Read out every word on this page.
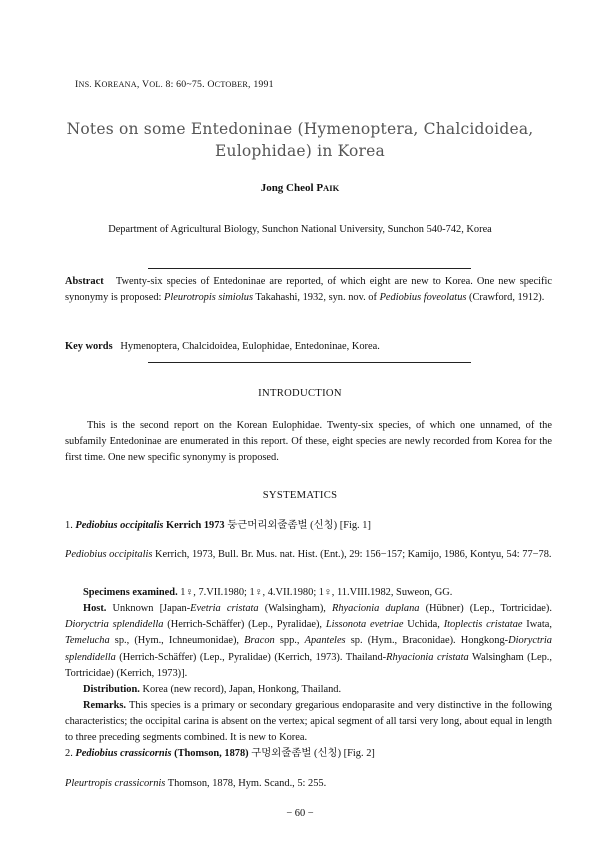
INS. KOREANA, VOL. 8: 60~75. OCTOBER, 1991
Notes on some Entedoninae (Hymenoptera, Chalcidoidea,
Eulophidae) in Korea
Jong Cheol PAIK
Department of Agricultural Biology, Sunchon National University, Sunchon 540-742, Korea
Abstract Twenty-six species of Entedoninae are reported, of which eight are new to Korea. One new specific synonymy is proposed: Pleurotropis simiolus Takahashi, 1932, syn. nov. of Pediobius foveolatus (Crawford, 1912).
Key words Hymenoptera, Chalcidoidea, Eulophidae, Entedoninae, Korea.
INTRODUCTION
This is the second report on the Korean Eulophidae. Twenty-six species, of which one unnamed, of the subfamily Entedoninae are enumerated in this report. Of these, eight species are newly recorded from Korea for the first time. One new specific synonymy is proposed.
SYSTEMATICS
1. Pediobius occipitalis Kerrich 1973 둥근머리외줄좀벌 (신칭) [Fig. 1]
Pediobius occipitalis Kerrich, 1973, Bull. Br. Mus. nat. Hist. (Ent.), 29: 156−157; Kamijo, 1986, Kontyu, 54: 77−78.
Specimens examined. 1♀, 7.VII.1980; 1♀, 4.VII.1980; 1♀, 11.VIII.1982, Suweon, GG.
Host. Unknown [Japan-Evetria cristata (Walsingham), Rhyacionia duplana (Hübner) (Lep., Tortricidae). Dioryctria splendidella (Herrich-Schäffer) (Lep., Pyralidae), Lissonota evetriae Uchida, Itoplectis cristatae Iwata, Temelucha sp., (Hym., Ichneumonidae), Bracon spp., Apanteles sp. (Hym., Braconidae). Hongkong-Dioryctria splendidella (Herrich-Schäffer) (Lep., Pyralidae) (Kerrich, 1973). Thailand-Rhyacionia cristata Walsingham (Lep., Tortricidae) (Kerrich, 1973)].
Distribution. Korea (new record), Japan, Honkong, Thailand.
Remarks. This species is a primary or secondary gregarious endoparasite and very distinctive in the following characteristics; the occipital carina is absent on the vertex; apical segment of all tarsi very long, about equal in length to three preceding segments combined. It is new to Korea.
2. Pediobius crassicornis (Thomson, 1878) 구멍외줄좀벌 (신칭) [Fig. 2]
Pleurtropis crassicornis Thomson, 1878, Hym. Scand., 5: 255.
− 60 −
